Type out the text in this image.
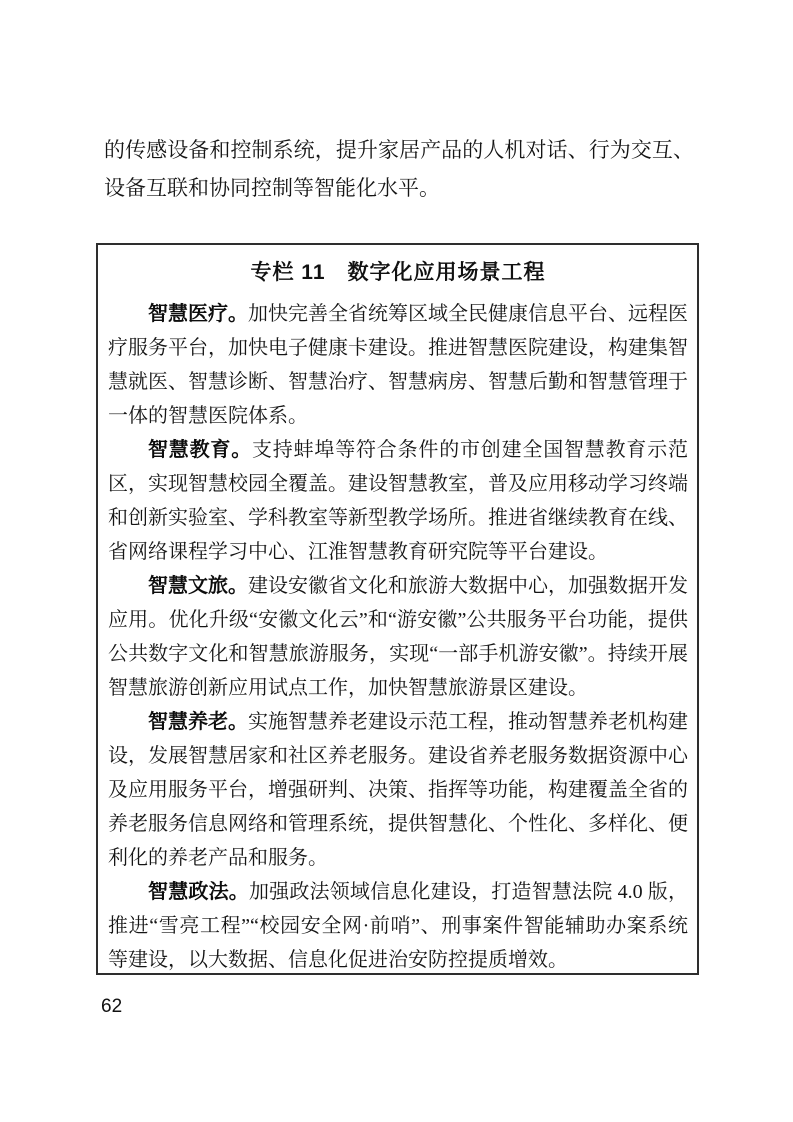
的传感设备和控制系统，提升家居产品的人机对话、行为交互、设备互联和协同控制等智能化水平。

专栏 11　数字化应用场景工程

智慧医疗。加快完善全省统筹区域全民健康信息平台、远程医疗服务平台，加快电子健康卡建设。推进智慧医院建设，构建集智慧就医、智慧诊断、智慧治疗、智慧病房、智慧后勤和智慧管理于一体的智慧医院体系。

智慧教育。支持蚌埠等符合条件的市创建全国智慧教育示范区，实现智慧校园全覆盖。建设智慧教室，普及应用移动学习终端和创新实验室、学科教室等新型教学场所。推进省继续教育在线、省网络课程学习中心、江淮智慧教育研究院等平台建设。

智慧文旅。建设安徽省文化和旅游大数据中心，加强数据开发应用。优化升级“安徽文化云”和“游安徽”公共服务平台功能，提供公共数字文化和智慧旅游服务，实现“一部手机游安徽”。持续开展智慧旅游创新应用试点工作，加快智慧旅游景区建设。

智慧养老。实施智慧养老建设示范工程，推动智慧养老机构建设，发展智慧居家和社区养老服务。建设省养老服务数据资源中心及应用服务平台，增强研判、决策、指挥等功能，构建覆盖全省的养老服务信息网络和管理系统，提供智慧化、个性化、多样化、便利化的养老产品和服务。

智慧政法。加强政法领域信息化建设，打造智慧法院 4.0 版，推进“雪亮工程”“校园安全网·前哨”、刑事案件智能辅助办案系统等建设，以大数据、信息化促进治安防控提质增效。

62
